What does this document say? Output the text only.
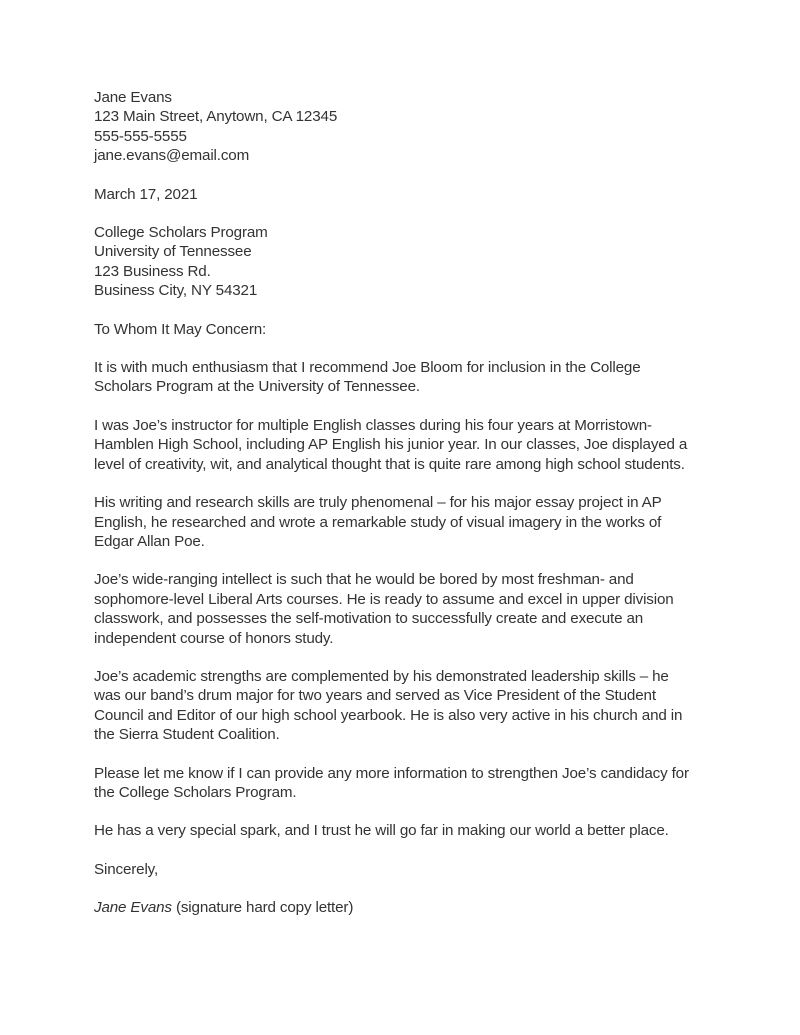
Jane Evans
123 Main Street, Anytown, CA 12345
555-555-5555
jane.evans@email.com
March 17, 2021
College Scholars Program
University of Tennessee
123 Business Rd.
Business City, NY 54321
To Whom It May Concern:
It is with much enthusiasm that I recommend Joe Bloom for inclusion in the College Scholars Program at the University of Tennessee.
I was Joe’s instructor for multiple English classes during his four years at Morristown-Hamblen High School, including AP English his junior year. In our classes, Joe displayed a level of creativity, wit, and analytical thought that is quite rare among high school students.
His writing and research skills are truly phenomenal – for his major essay project in AP English, he researched and wrote a remarkable study of visual imagery in the works of Edgar Allan Poe.
Joe’s wide-ranging intellect is such that he would be bored by most freshman- and sophomore-level Liberal Arts courses. He is ready to assume and excel in upper division classwork, and possesses the self-motivation to successfully create and execute an independent course of honors study.
Joe’s academic strengths are complemented by his demonstrated leadership skills – he was our band’s drum major for two years and served as Vice President of the Student Council and Editor of our high school yearbook. He is also very active in his church and in the Sierra Student Coalition.
Please let me know if I can provide any more information to strengthen Joe’s candidacy for the College Scholars Program.
He has a very special spark, and I trust he will go far in making our world a better place.
Sincerely,
Jane Evans (signature hard copy letter)
